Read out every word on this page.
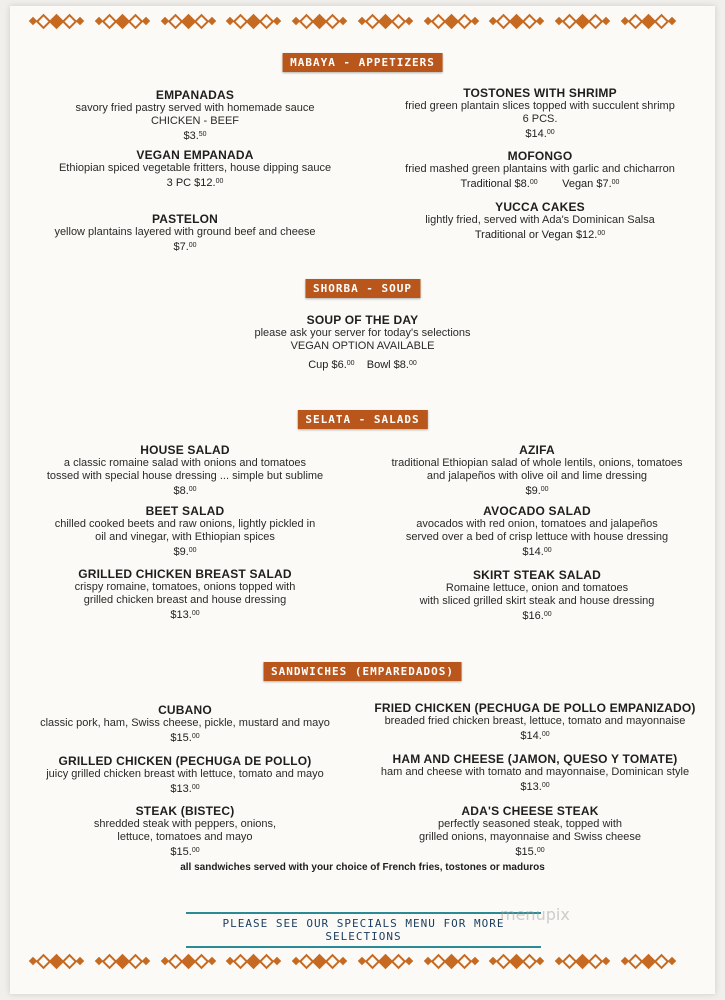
MABAYA - APPETIZERS
EMPANADAS
savory fried pastry served with homemade sauce
CHICKEN - BEEF
$3.50
VEGAN EMPANADA
Ethiopian spiced vegetable fritters, house dipping sauce
3 PC $12.00
PASTELON
yellow plantains layered with ground beef and cheese
$7.00
TOSTONES WITH SHRIMP
fried green plantain slices topped with succulent shrimp
6 PCS.
$14.00
MOFONGO
fried mashed green plantains with garlic and chicharron
Traditional $8.00 Vegan $7.00
YUCCA CAKES
lightly fried, served with Ada's Dominican Salsa
Traditional or Vegan $12.00
SHORBA - SOUP
SOUP OF THE DAY
please ask your server for today's selections
VEGAN OPTION AVAILABLE
Cup $6.00 Bowl $8.00
SELATA - SALADS
HOUSE SALAD
a classic romaine salad with onions and tomatoes
tossed with special house dressing ... simple but sublime
$8.00
BEET SALAD
chilled cooked beets and raw onions, lightly pickled in
oil and vinegar, with Ethiopian spices
$9.00
GRILLED CHICKEN BREAST SALAD
crispy romaine, tomatoes, onions topped with
grilled chicken breast and house dressing
$13.00
AZIFA
traditional Ethiopian salad of whole lentils, onions, tomatoes
and jalapeños with olive oil and lime dressing
$9.00
AVOCADO SALAD
avocados with red onion, tomatoes and jalapeños
served over a bed of crisp lettuce with house dressing
$14.00
SKIRT STEAK SALAD
Romaine lettuce, onion and tomatoes
with sliced grilled skirt steak and house dressing
$16.00
SANDWICHES (EMPAREDADOS)
CUBANO
classic pork, ham, Swiss cheese, pickle, mustard and mayo
$15.00
GRILLED CHICKEN (PECHUGA DE POLLO)
juicy grilled chicken breast with lettuce, tomato and mayo
$13.00
STEAK (BISTEC)
shredded steak with peppers, onions,
lettuce, tomatoes and mayo
$15.00
FRIED CHICKEN (PECHUGA DE POLLO EMPANIZADO)
breaded fried chicken breast, lettuce, tomato and mayonnaise
$14.00
HAM AND CHEESE (JAMON, QUESO Y TOMATE)
ham and cheese with tomato and mayonnaise, Dominican style
$13.00
ADA'S CHEESE STEAK
perfectly seasoned steak, topped with
grilled onions, mayonnaise and Swiss cheese
$15.00
all sandwiches served with your choice of French fries, tostones or maduros
PLEASE SEE OUR SPECIALS MENU FOR MORE SELECTIONS
menupix
